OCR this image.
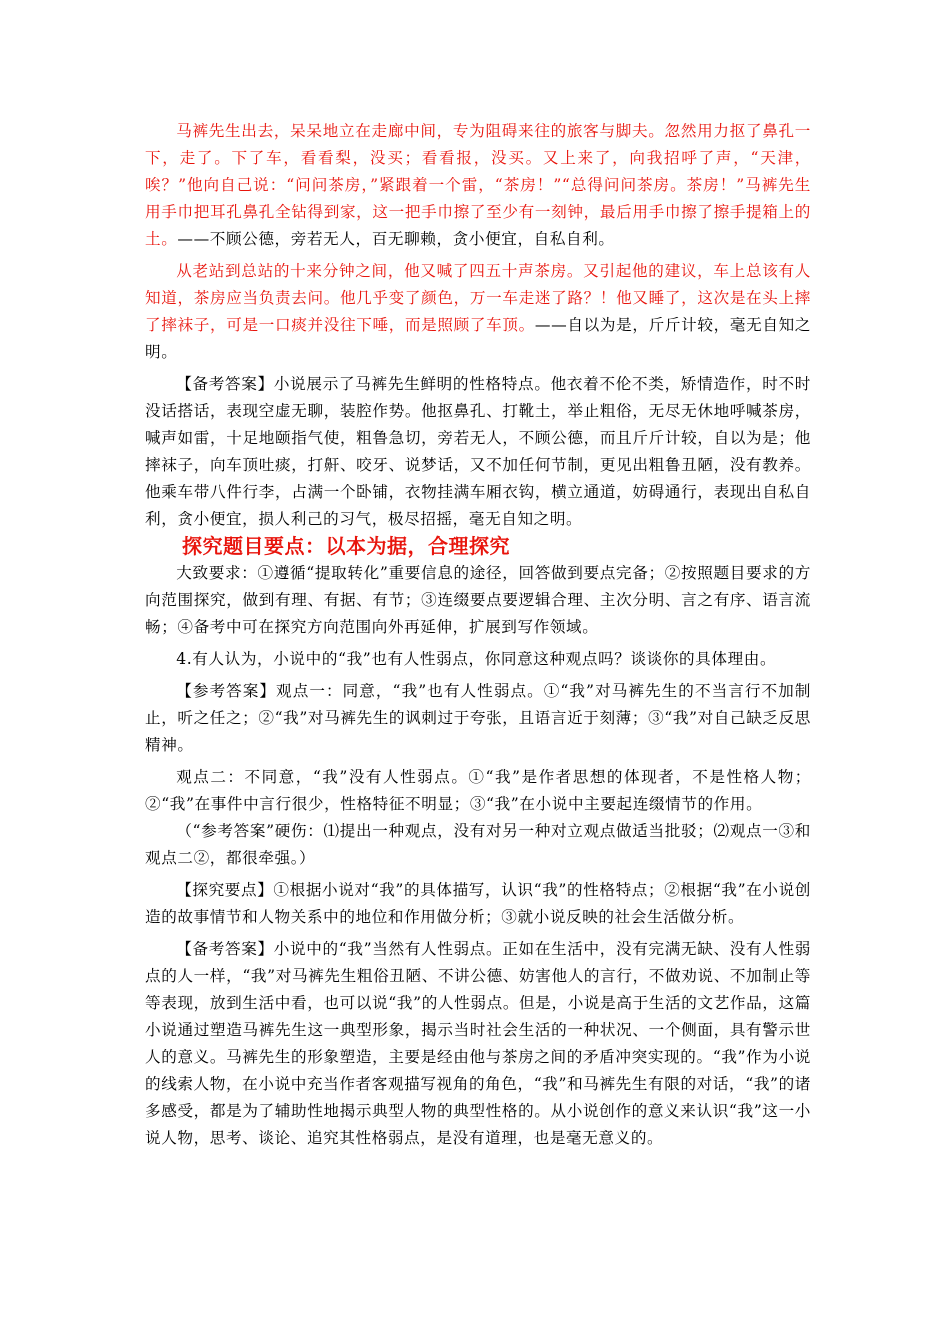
马裤先生出去，呆呆地立在走廊中间，专为阻碍来往的旅客与脚夫。忽然用力抠了鼻孔一下，走了。下了车，看看梨，没买；看看报，没买。又上来了，向我招呼了声，“天津，唉？”他向自己说：“问问茶房，”紧跟着一个雷，“茶房！”“总得问问茶房。茶房！”马裤先生用手巾把耳孔鼻孔全钻得到家，这一把手巾擦了至少有一刻钟，最后用手巾擦了擦手提箱上的土。——不顾公德，旁若无人，百无聊赖，贪小便宜，自私自利。

从老站到总站的十来分钟之间，他又喊了四五十声茶房。又引起他的建议，车上总该有人知道，茶房应当负责去问。他几乎变了颜色，万一车走迷了路？！他又睡了，这次是在头上摔了摔袜子，可是一口痰并没往下唾，而是照顾了车顶。——自以为是，斤斤计较，毫无自知之明。

【备考答案】小说展示了马裤先生鲜明的性格特点。他衣着不伦不类，矫情造作，时不时没话搭话，表现空虚无聊，装腔作势。他抠鼻孔、打靴土，举止粗俗，无尽无休地呼喊茶房，喊声如雷，十足地颐指气使，粗鲁急切，旁若无人，不顾公德，而且斤斤计较，自以为是；他摔袜子，向车顶吐痰，打鼾、咬牙、说梦话，又不加任何节制，更见出粗鲁丑陋，没有教养。他乘车带八件行李，占满一个卧铺，衣物挂满车厢衣钩，横立通道，妨碍通行，表现出自私自利，贪小便宜，损人利己的习气，极尽招摇，毫无自知之明。

探究题目要点：以本为据，合理探究

大致要求：①遵循“提取转化”重要信息的途径，回答做到要点完备；②按照题目要求的方向范围探究，做到有理、有据、有节；③连缀要点要逻辑合理、主次分明、言之有序、语言流畅；④备考中可在探究方向范围向外再延伸，扩展到写作领域。

4.有人认为，小说中的“我”也有人性弱点，你同意这种观点吗？谈谈你的具体理由。

【参考答案】观点一：同意，“我”也有人性弱点。①“我”对马裤先生的不当言行不加制止，听之任之；②“我”对马裤先生的讽刺过于夸张，且语言近于刻薄；③“我”对自己缺乏反思精神。

观点二：不同意，“我”没有人性弱点。①“我”是作者思想的体现者，不是性格人物；②“我”在事件中言行很少，性格特征不明显；③“我”在小说中主要起连缀情节的作用。

（“参考答案”硬伤：⑴提出一种观点，没有对另一种对立观点做适当批驳；⑵观点一③和观点二②，都很牵强。）

【探究要点】①根据小说对“我”的具体描写，认识“我”的性格特点；②根据“我”在小说创造的故事情节和人物关系中的地位和作用做分析；③就小说反映的社会生活做分析。

【备考答案】小说中的“我”当然有人性弱点。正如在生活中，没有完满无缺、没有人性弱点的人一样，“我”对马裤先生粗俗丑陋、不讲公德、妨害他人的言行，不做劝说、不加制止等等表现，放到生活中看，也可以说“我”的人性弱点。但是，小说是高于生活的文艺作品，这篇小说通过塑造马裤先生这一典型形象，揭示当时社会生活的一种状况、一个侧面，具有警示世人的意义。马裤先生的形象塑造，主要是经由他与茶房之间的矛盾冲突实现的。“我”作为小说的线索人物，在小说中充当作者客观描写视角的角色，“我”和马裤先生有限的对话，“我”的诸多感受，都是为了辅助性地揭示典型人物的典型性格的。从小说创作的意义来认识“我”这一小说人物，思考、谈论、追究其性格弱点，是没有道理，也是毫无意义的。
